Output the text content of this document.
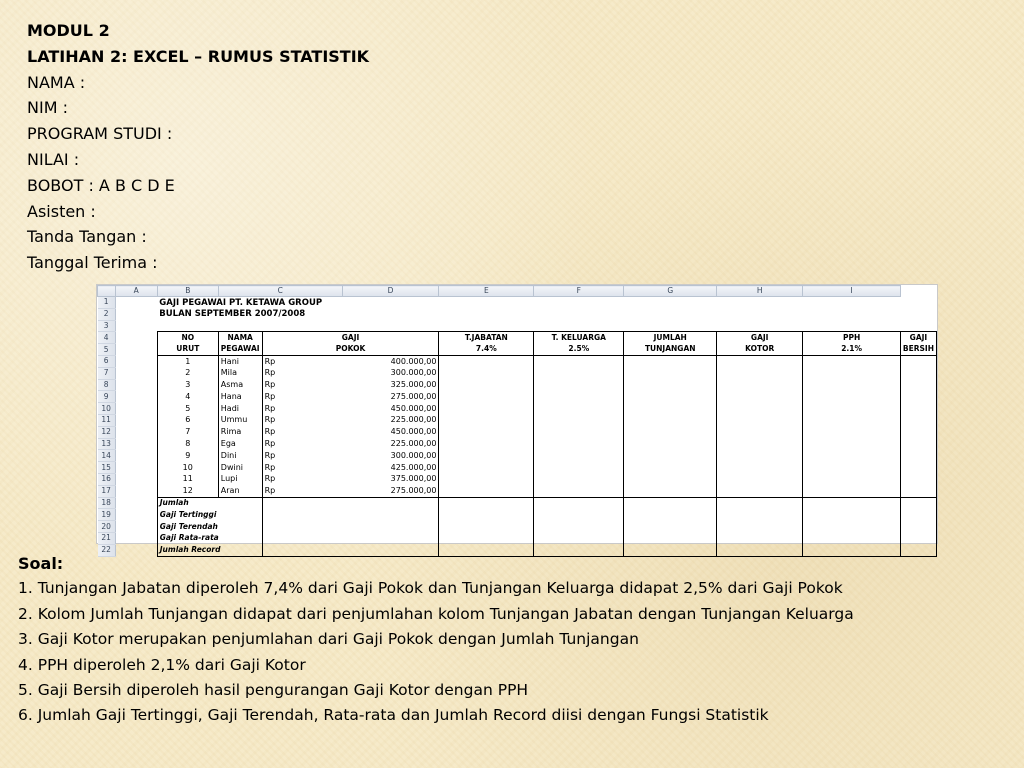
MODUL 2
LATIHAN 2: EXCEL – RUMUS STATISTIK
NAMA :
NIM :
PROGRAM STUDI :
NILAI :
BOBOT : A B C D E
Asisten :
Tanda Tangan :
Tanggal Terima :
	A	B	C		D	E	F	G	H	I	
1		GAJI PEGAWAI PT. KETAWA GROUP									
2		BULAN SEPTEMBER 2007/2008									
3											
4		NO	NAMA	GAJI		T.JABATAN	T. KELUARGA	JUMLAH	GAJI	PPH	GAJI
5		URUT	PEGAWAI	POKOK		7.4%	2.5%	TUNJANGAN	KOTOR	2.1%	BERSIH
6		1	Hani	Rp	400.000,00						
7		2	Mila	Rp	300.000,00						
8		3	Asma	Rp	325.000,00						
9		4	Hana	Rp	275.000,00						
10		5	Hadi	Rp	450.000,00						
11		6	Ummu	Rp	225.000,00						
12		7	Rima	Rp	450.000,00						
13		8	Ega	Rp	225.000,00						
14		9	Dini	Rp	300.000,00						
15		10	Dwini	Rp	425.000,00						
16		11	Lupi	Rp	375.000,00						
17		12	Aran	Rp	275.000,00						
18		Jumlah									
19		Gaji Tertinggi									
20		Gaji Terendah									
21		Gaji Rata-rata									
22		Jumlah Record									
Soal:
1. Tunjangan Jabatan diperoleh 7,4% dari Gaji Pokok dan Tunjangan Keluarga didapat 2,5% dari Gaji Pokok
2. Kolom Jumlah Tunjangan didapat dari penjumlahan kolom Tunjangan Jabatan dengan Tunjangan Keluarga
3. Gaji Kotor merupakan penjumlahan dari Gaji Pokok dengan Jumlah Tunjangan
4. PPH diperoleh 2,1% dari Gaji Kotor
5. Gaji Bersih diperoleh hasil pengurangan Gaji Kotor dengan PPH
6. Jumlah Gaji Tertinggi, Gaji Terendah, Rata-rata dan Jumlah Record diisi dengan Fungsi Statistik
